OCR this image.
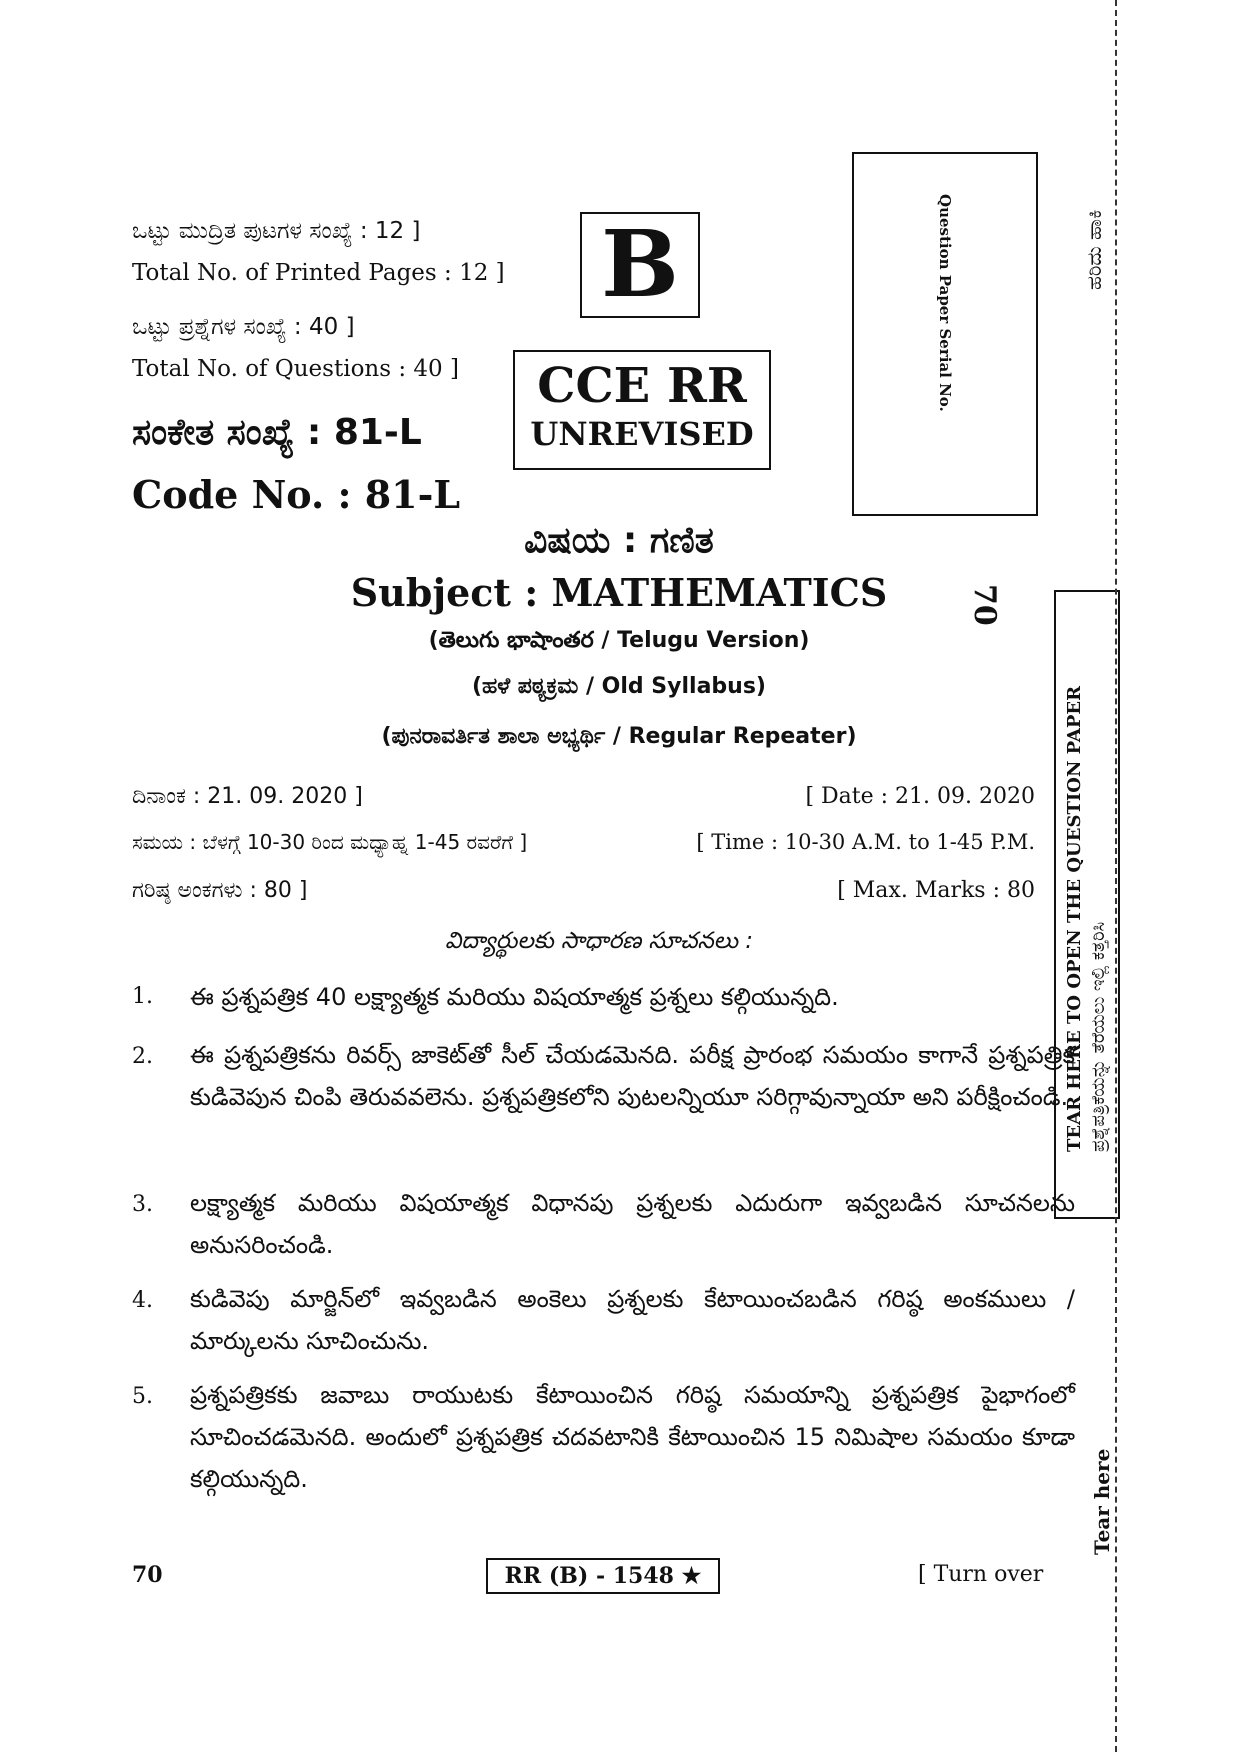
ಒಟ್ಟು ಮುದ್ರಿತ ಪುಟಗಳ ಸಂಖ್ಯೆ : 12 ]
Total No. of Printed Pages : 12 ]
ಒಟ್ಟು ಪ್ರಶ್ನೆಗಳ ಸಂಖ್ಯೆ : 40 ]
Total No. of Questions : 40 ]
ಸಂಕೇತ ಸಂಖ್ಯೆ : 81-L
Code No. : 81-L
B
CCE RR
UNREVISED
Question Paper Serial No.
70
ವಿಷಯ : ಗಣಿತ
Subject : MATHEMATICS
(తెలుగు భాషాంతర / Telugu Version)
(ಹಳೆ ಪಠ್ಯಕ್ರಮ / Old Syllabus)
(ಪುನರಾವರ್ತಿತ ಶಾಲಾ ಅಭ್ಯರ್ಥಿ / Regular Repeater)
ದಿನಾಂಕ : 21. 09. 2020 ]	[ Date : 21. 09. 2020
ಸಮಯ : ಬೆಳಗ್ಗೆ 10-30 ರಿಂದ ಮಧ್ಯಾಹ್ನ 1-45 ರವರೆಗೆ ]	[ Time : 10-30 A.M. to 1-45 P.M.
ಗರಿಷ್ಠ ಅಂಕಗಳು : 80 ]	[ Max. Marks : 80
విద్యార్థులకు సాధారణ సూచనలు :
1. ఈ ప్రశ్నపత్రిక 40 లక్ష్యాత్మక మరియు విషయాత్మక ప్రశ్నలు కల్గియున్నది.
2. ఈ ప్రశ్నపత్రికను రివర్స్ జాకెట్‌తో సీల్ చేయడమెనది. పరీక్ష ప్రారంభ సమయం కాగానే ప్రశ్నపత్రిక కుడివెపున చింపి తెరువవలెను. ప్రశ్నపత్రికలోని పుటలన్నియూ సరిగ్గావున్నాయా అని పరీక్షించండి.
3. లక్ష్యాత్మక మరియు విషయాత్మక విధానపు ప్రశ్నలకు ఎదురుగా ఇవ్వబడిన సూచనలను అనుసరించండి.
4. కుడివెపు మార్జిన్‌లో ఇవ్వబడిన అంకెలు ప్రశ్నలకు కేటాయించబడిన గరిష్ఠ అంకములు / మార్కులను సూచించును.
5. ప్రశ్నపత్రికకు జవాబు రాయుటకు కేటాయించిన గరిష్ఠ సమయాన్ని ప్రశ్నపత్రిక పైభాగంలో సూచించడమెనది. అందులో ప్రశ్నపత్రిక చదవటానికి కేటాయించిన 15 నిమిషాల సమయం కూడా కల్గియున్నది.
ಹರಿದು ಹಾಕಿ
TEAR HERE TO OPEN THE QUESTION PAPER ಪ್ರಶ್ನೆಪತ್ರಿಕೆಯನ್ನು ತೆರೆಯಲು ಇಲ್ಲಿ ಕತ್ತರಿಸಿ
Tear here
70	RR (B) - 1548 ★	[ Turn over
